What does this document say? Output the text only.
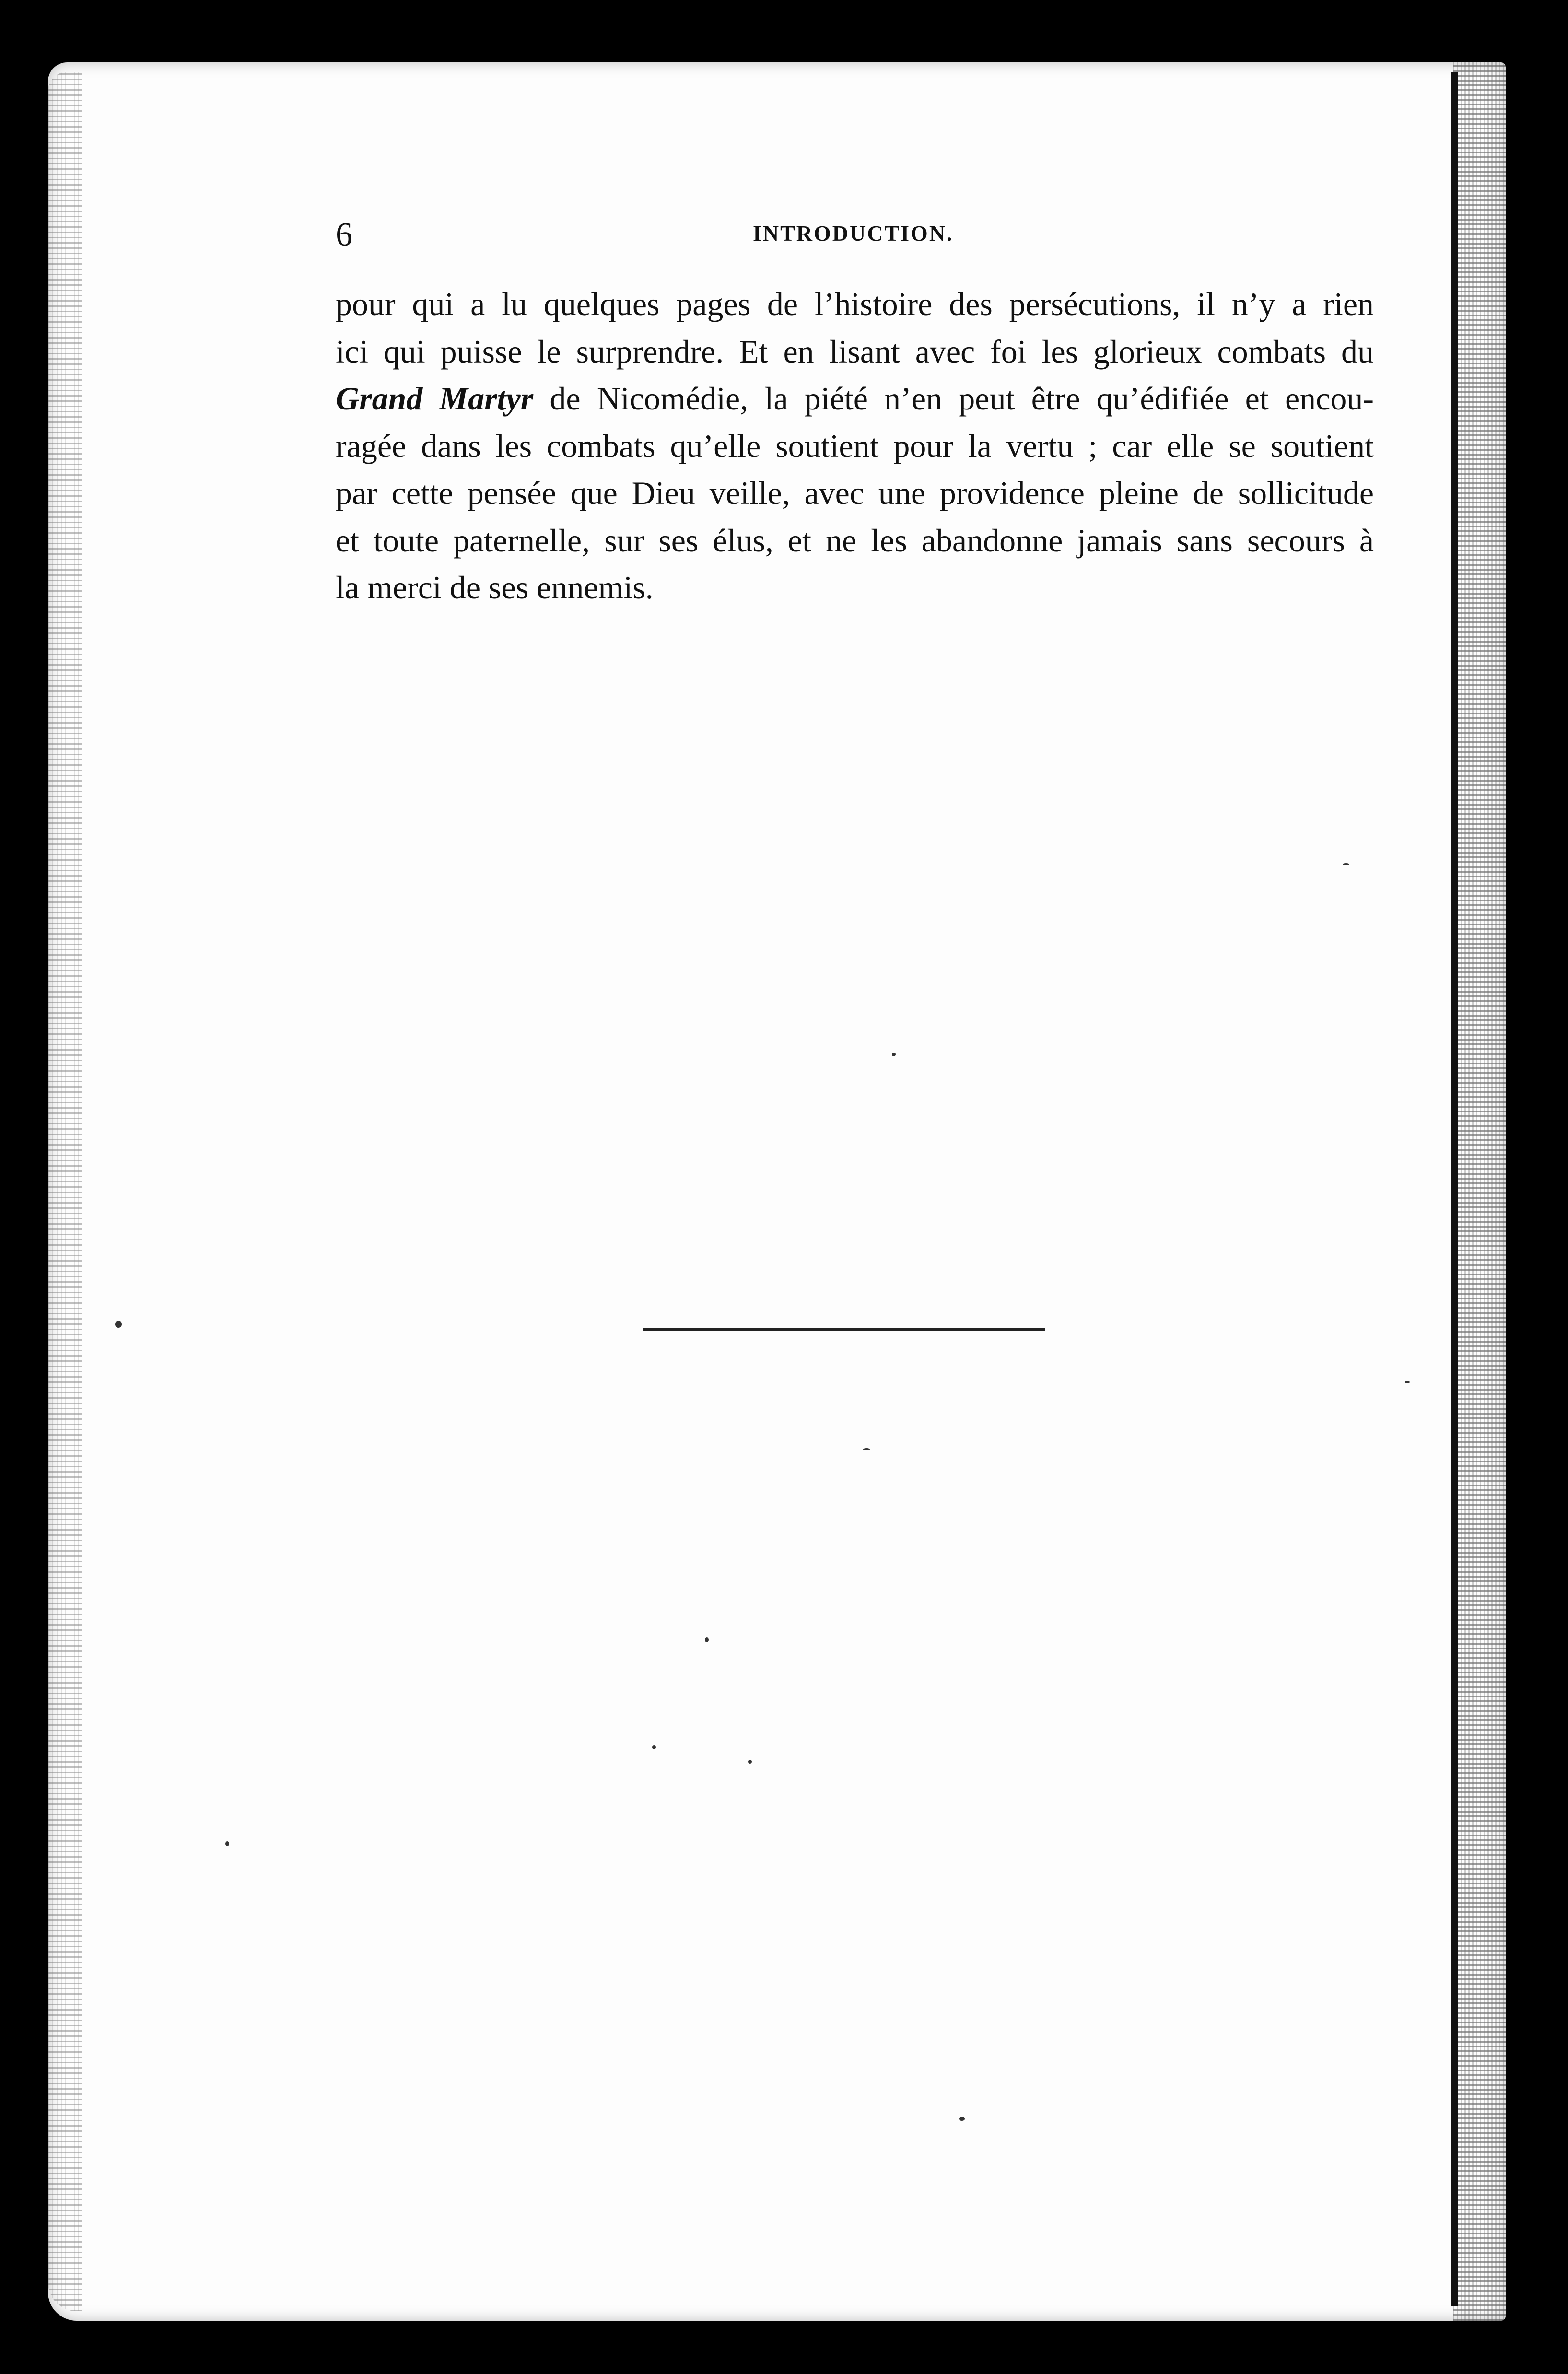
6	INTRODUCTION.
pour qui a lu quelques pages de l’histoire des persécutions, il n’y a rien
ici qui puisse le surprendre. Et en lisant avec foi les glorieux combats du
Grand Martyr de Nicomédie, la piété n’en peut être qu’édifiée et encou-
ragée dans les combats qu’elle soutient pour la vertu ; car elle se soutient
par cette pensée que Dieu veille, avec une providence pleine de sollicitude
et toute paternelle, sur ses élus, et ne les abandonne jamais sans secours à
la merci de ses ennemis.
